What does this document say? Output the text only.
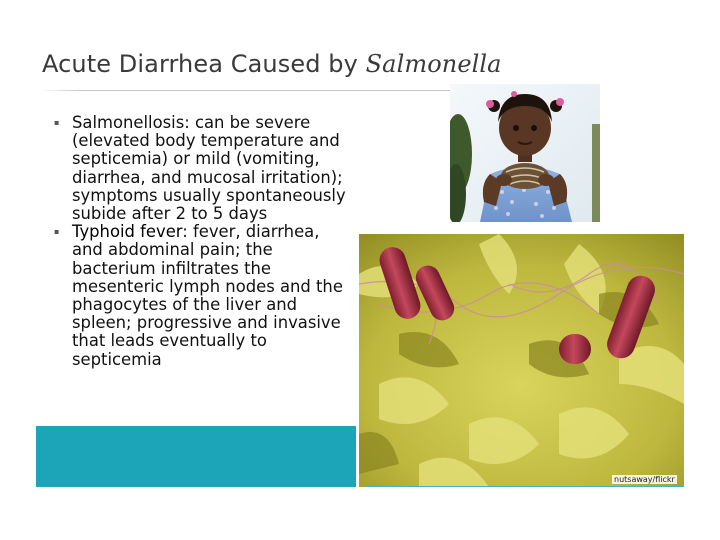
Acute Diarrhea Caused by Salmonella
▪ Salmonellosis: can be severe (elevated body temperature and septicemia) or mild (vomiting, diarrhea, and mucosal irritation); symptoms usually spontaneously subide after 2 to 5 days
▪ Typhoid fever: fever, diarrhea, and abdominal pain; the bacterium infiltrates the mesenteric lymph nodes and the phagocytes of the liver and spleen; progressive and invasive that leads eventually to septicemia
nutsaway/flickr
